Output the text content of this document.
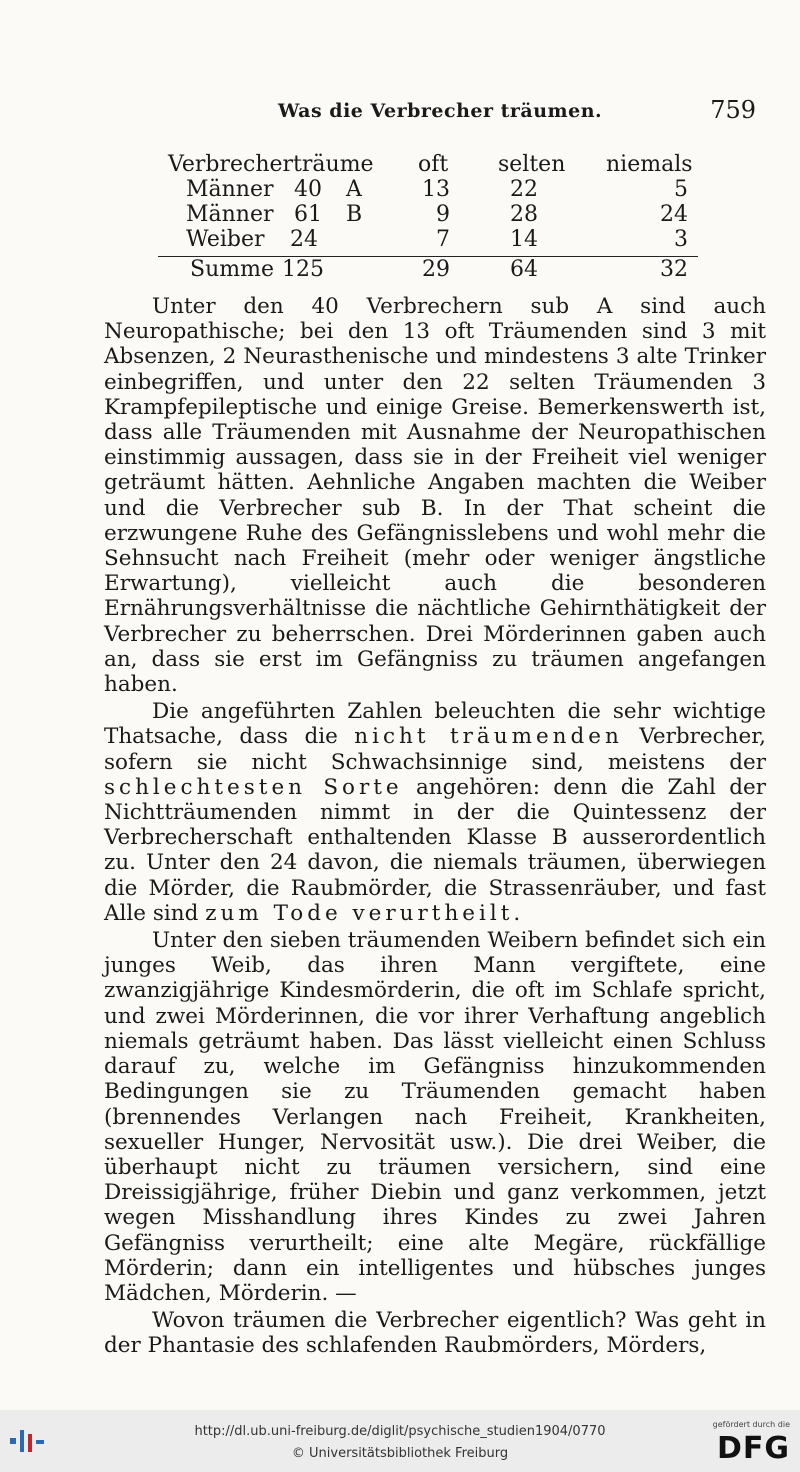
Was die Verbrecher träumen.	759
Verbrecherträume oft selten niemals
Männer 40 A	13	22	5
Männer 61 B	9	28	24
Weiber 24	7	14	3
Summe 125	29	64	32

Unter den 40 Verbrechern sub A sind auch Neuropathische; bei den 13 oft Träumenden sind 3 mit Absenzen, 2 Neurasthenische und mindestens 3 alte Trinker einbegriffen, und unter den 22 selten Träumenden 3 Krampfepileptische und einige Greise. Bemerkenswerth ist, dass alle Träumenden mit Ausnahme der Neuropathischen einstimmig aussagen, dass sie in der Freiheit viel weniger geträumt hätten. Aehnliche Angaben machten die Weiber und die Verbrecher sub B. In der That scheint die erzwungene Ruhe des Gefängnisslebens und wohl mehr die Sehnsucht nach Freiheit (mehr oder weniger ängstliche Erwartung), vielleicht auch die besonderen Ernährungsverhältnisse die nächtliche Gehirnthätigkeit der Verbrecher zu beherrschen. Drei Mörderinnen gaben auch an, dass sie erst im Gefängniss zu träumen angefangen haben.

Die angeführten Zahlen beleuchten die sehr wichtige Thatsache, dass die nicht träumenden Verbrecher, sofern sie nicht Schwachsinnige sind, meistens der schlechtesten Sorte angehören: denn die Zahl der Nichtträumenden nimmt in der die Quintessenz der Verbrecherschaft enthaltenden Klasse B ausserordentlich zu. Unter den 24 davon, die niemals träumen, überwiegen die Mörder, die Raubmörder, die Strassenräuber, und fast Alle sind zum Tode verurtheilt.

Unter den sieben träumenden Weibern befindet sich ein junges Weib, das ihren Mann vergiftete, eine zwanzigjährige Kindesmörderin, die oft im Schlafe spricht, und zwei Mörderinnen, die vor ihrer Verhaftung angeblich niemals geträumt haben. Das lässt vielleicht einen Schluss darauf zu, welche im Gefängniss hinzukommenden Bedingungen sie zu Träumenden gemacht haben (brennendes Verlangen nach Freiheit, Krankheiten, sexueller Hunger, Nervosität usw.). Die drei Weiber, die überhaupt nicht zu träumen versichern, sind eine Dreissigjährige, früher Diebin und ganz verkommen, jetzt wegen Misshandlung ihres Kindes zu zwei Jahren Gefängniss verurtheilt; eine alte Megäre, rückfällige Mörderin; dann ein intelligentes und hübsches junges Mädchen, Mörderin. —

Wovon träumen die Verbrecher eigentlich? Was geht in der Phantasie des schlafenden Raubmörders, Mörders,

http://dl.ub.uni-freiburg.de/diglit/psychische_studien1904/0770
© Universitätsbibliothek Freiburg
gefördert durch die
DFG
